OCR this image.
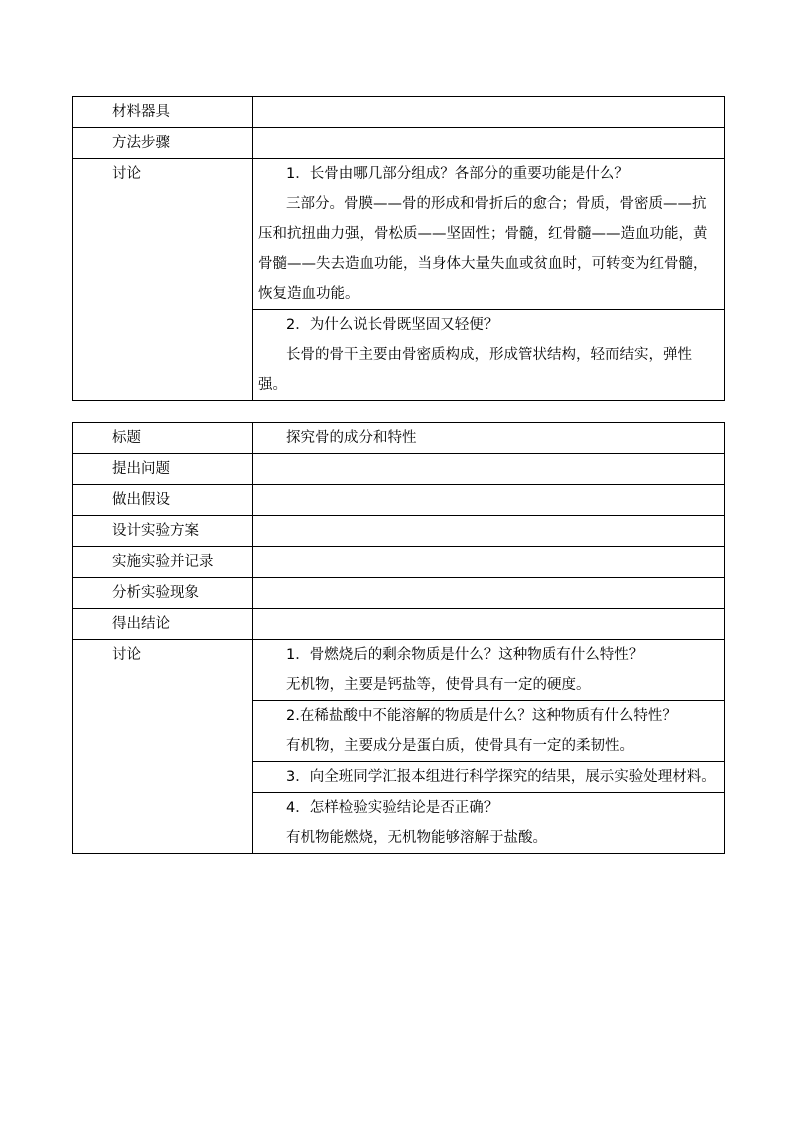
材料器具	

方法步骤	

讨论	1．长骨由哪几部分组成？各部分的重要功能是什么？
三部分。骨膜——骨的形成和骨折后的愈合；骨质，骨密质——抗压和抗扭曲力强，骨松质——坚固性；骨髓，红骨髓——造血功能，黄骨髓——失去造血功能，当身体大量失血或贫血时，可转变为红骨髓，恢复造血功能。

	2．为什么说长骨既坚固又轻便？
长骨的骨干主要由骨密质构成，形成管状结构，轻而结实，弹性强。
标题	探究骨的成分和特性

提出问题	

做出假设	

设计实验方案	

实施实验并记录	

分析实验现象	

得出结论	

讨论	1．骨燃烧后的剩余物质是什么？这种物质有什么特性？
无机物，主要是钙盐等，使骨具有一定的硬度。

	2.在稀盐酸中不能溶解的物质是什么？这种物质有什么特性？
有机物，主要成分是蛋白质，使骨具有一定的柔韧性。

	3．向全班同学汇报本组进行科学探究的结果，展示实验处理材料。

	4．怎样检验实验结论是否正确？
有机物能燃烧，无机物能够溶解于盐酸。
